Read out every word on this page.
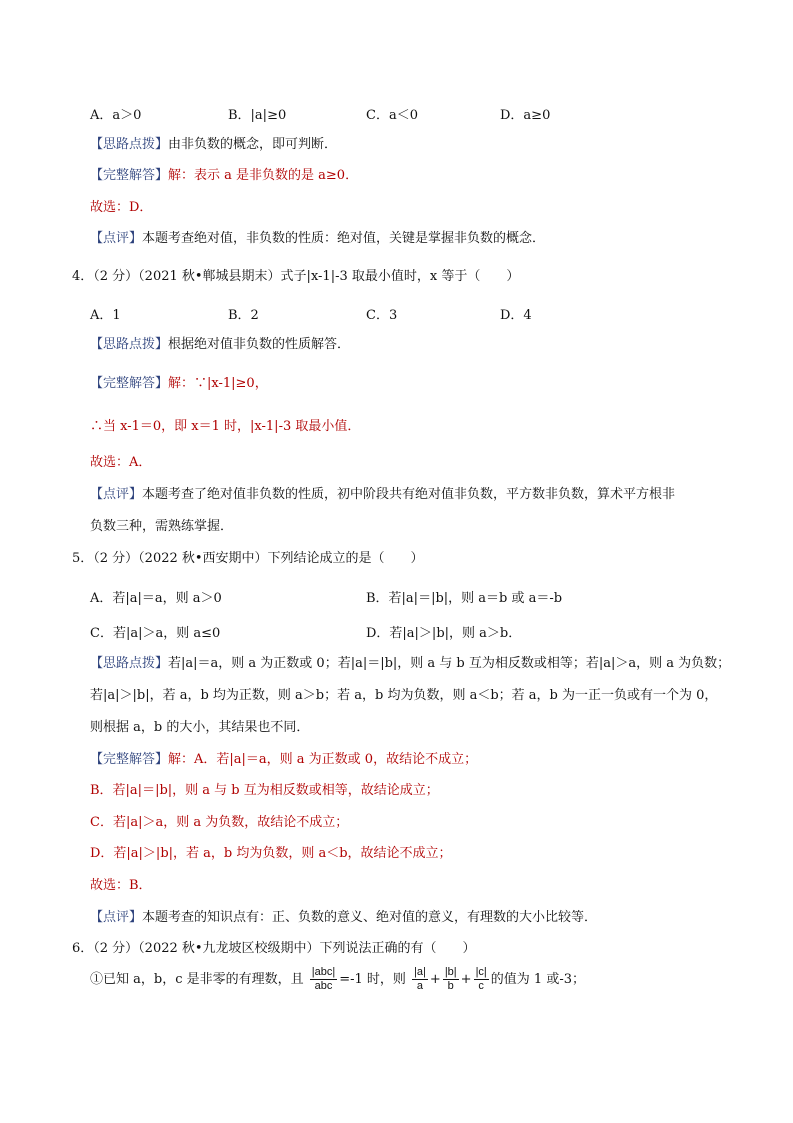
A．a＞0	B．|a|≥0	C．a＜0	D．a≥0
【思路点拨】由非负数的概念，即可判断．
【完整解答】解：表示 a 是非负数的是 a≥0．
故选：D．
【点评】本题考查绝对值，非负数的性质：绝对值，关键是掌握非负数的概念．
4．（2 分）（2021 秋•郸城县期末）式子|x-1|-3 取最小值时，x 等于（　　）
A．1	B．2	C．3	D．4
【思路点拨】根据绝对值非负数的性质解答．
【完整解答】解：∵|x-1|≥0，
∴当 x-1＝0，即 x＝1 时，|x-1|-3 取最小值．
故选：A．
【点评】本题考查了绝对值非负数的性质，初中阶段共有绝对值非负数，平方数非负数，算术平方根非
负数三种，需熟练掌握．
5．（2 分）（2022 秋•西安期中）下列结论成立的是（　　）
A．若|a|＝a，则 a＞0	B．若|a|＝|b|，则 a＝b 或 a＝-b
C．若|a|＞a，则 a≤0	D．若|a|＞|b|，则 a＞b．
【思路点拨】若|a|＝a，则 a 为正数或 0；若|a|＝|b|，则 a 与 b 互为相反数或相等；若|a|＞a，则 a 为负数；
若|a|＞|b|，若 a，b 均为正数，则 a＞b；若 a，b 均为负数，则 a＜b；若 a，b 为一正一负或有一个为 0，
则根据 a，b 的大小，其结果也不同．
【完整解答】解：A．若|a|＝a，则 a 为正数或 0，故结论不成立；
B．若|a|＝|b|，则 a 与 b 互为相反数或相等，故结论成立；
C．若|a|＞a，则 a 为负数，故结论不成立；
D．若|a|＞|b|，若 a，b 均为负数，则 a＜b，故结论不成立；
故选：B．
【点评】本题考查的知识点有：正、负数的意义、绝对值的意义，有理数的大小比较等．
6．（2 分）（2022 秋•九龙坡区校级期中）下列说法正确的有（　　）
①已知 a，b，c 是非零的有理数，且 $\frac{\text{|abc|}}{\text{abc}} =-1$ 时，则 $\frac{|a|}{a} + \frac{|b|}{b} + \frac{|c|}{c}$ 的值为 1 或-3；
